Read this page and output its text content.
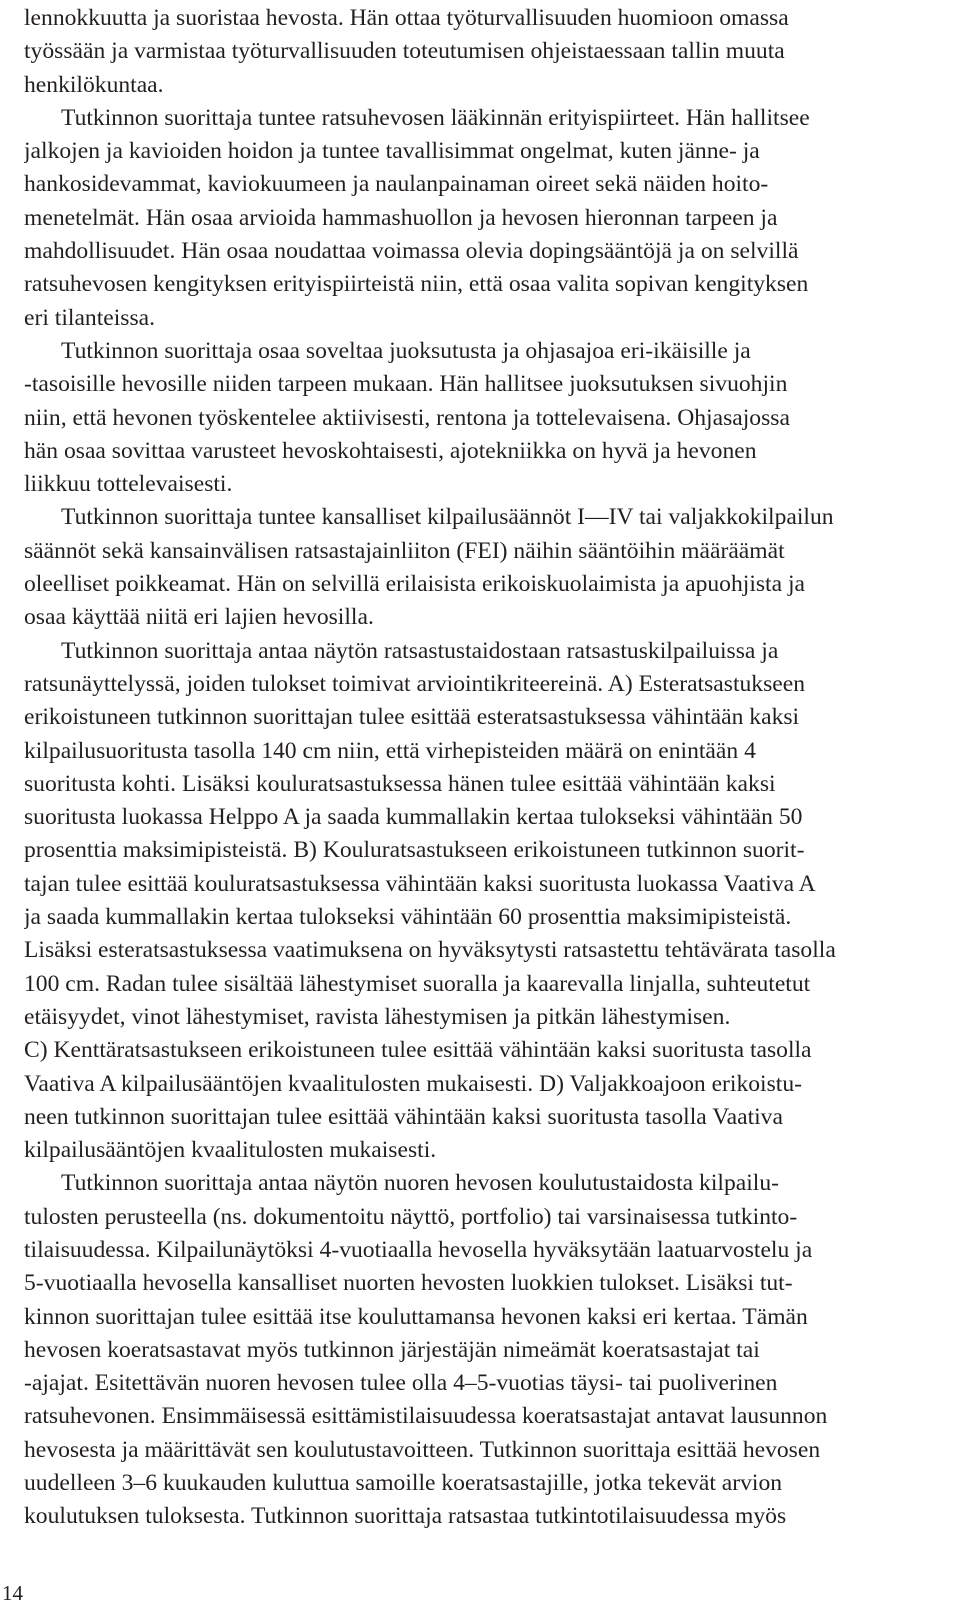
lennokkuutta ja suoristaa hevosta. Hän ottaa työturvallisuuden huomioon omassa
työssään ja varmistaa työturvallisuuden toteutumisen ohjeistaessaan tallin muuta
henkilökuntaa.
Tutkinnon suorittaja tuntee ratsuhevosen lääkinnän erityispiirteet. Hän hallitsee
jalkojen ja kavioiden hoidon ja tuntee tavallisimmat ongelmat, kuten jänne- ja
hankosidevammat, kaviokuumeen ja naulanpainaman oireet sekä näiden hoito-
menetelmät. Hän osaa arvioida hammashuollon ja hevosen hieronnan tarpeen ja
mahdollisuudet. Hän osaa noudattaa voimassa olevia dopingsääntöjä ja on selvillä
ratsuhevosen kengityksen erityispiirteistä niin, että osaa valita sopivan kengityksen
eri tilanteissa.
Tutkinnon suorittaja osaa soveltaa juoksutusta ja ohjasajoa eri-ikäisille ja
-tasoisille hevosille niiden tarpeen mukaan. Hän hallitsee juoksutuksen sivuohjin
niin, että hevonen työskentelee aktiivisesti, rentona ja tottelevaisena. Ohjasajossa
hän osaa sovittaa varusteet hevoskohtaisesti, ajotekniikka on hyvä ja hevonen
liikkuu tottelevaisesti.
Tutkinnon suorittaja tuntee kansalliset kilpailusäännöt I—IV tai valjakkokilpailun
säännöt sekä kansainvälisen ratsastajainliiton (FEI) näihin sääntöihin määräämät
oleelliset poikkeamat. Hän on selvillä erilaisista erikoiskuolaimista ja apuohjista ja
osaa käyttää niitä eri lajien hevosilla.
Tutkinnon suorittaja antaa näytön ratsastustaidostaan ratsastuskilpailuissa ja
ratsunäyttelyssä, joiden tulokset toimivat arviointikriteereinä. A) Esteratsastukseen
erikoistuneen tutkinnon suorittajan tulee esittää esteratsastuksessa vähintään kaksi
kilpailusuoritusta tasolla 140 cm niin, että virhepisteiden määrä on enintään 4
suoritusta kohti. Lisäksi kouluratsastuksessa hänen tulee esittää vähintään kaksi
suoritusta luokassa Helppo A ja saada kummallakin kertaa tulokseksi vähintään 50
prosenttia maksimipisteistä. B) Kouluratsastukseen erikoistuneen tutkinnon suorit-
tajan tulee esittää kouluratsastuksessa vähintään kaksi suoritusta luokassa Vaativa A
ja saada kummallakin kertaa tulokseksi vähintään 60 prosenttia maksimipisteistä.
Lisäksi esteratsastuksessa vaatimuksena on hyväksytysti ratsastettu tehtävärata tasolla
100 cm. Radan tulee sisältää lähestymiset suoralla ja kaarevalla linjalla, suhteutetut
etäisyydet, vinot lähestymiset, ravista lähestymisen ja pitkän lähestymisen.
C) Kenttäratsastukseen erikoistuneen tulee esittää vähintään kaksi suoritusta tasolla
Vaativa A kilpailusääntöjen kvaalitulosten mukaisesti. D) Valjakkoajoon erikoistu-
neen tutkinnon suorittajan tulee esittää vähintään kaksi suoritusta tasolla Vaativa
kilpailusääntöjen kvaalitulosten mukaisesti.
Tutkinnon suorittaja antaa näytön nuoren hevosen koulutustaidosta kilpailu-
tulosten perusteella (ns. dokumentoitu näyttö, portfolio) tai varsinaisessa tutkinto-
tilaisuudessa. Kilpailunäytöksi 4-vuotiaalla hevosella hyväksytään laatuarvostelu ja
5-vuotiaalla hevosella kansalliset nuorten hevosten luokkien tulokset. Lisäksi tut-
kinnon suorittajan tulee esittää itse kouluttamansa hevonen kaksi eri kertaa. Tämän
hevosen koeratsastavat myös tutkinnon järjestäjän nimeämät koeratsastajat tai
-ajajat. Esitettävän nuoren hevosen tulee olla 4–5-vuotias täysi- tai puoliverinen
ratsuhevonen. Ensimmäisessä esittämistilaisuudessa koeratsastajat antavat lausunnon
hevosesta ja määrittävät sen koulutustavoitteen. Tutkinnon suorittaja esittää hevosen
uudelleen 3–6 kuukauden kuluttua samoille koeratsastajille, jotka tekevät arvion
koulutuksen tuloksesta. Tutkinnon suorittaja ratsastaa tutkintotilaisuudessa myös
14
